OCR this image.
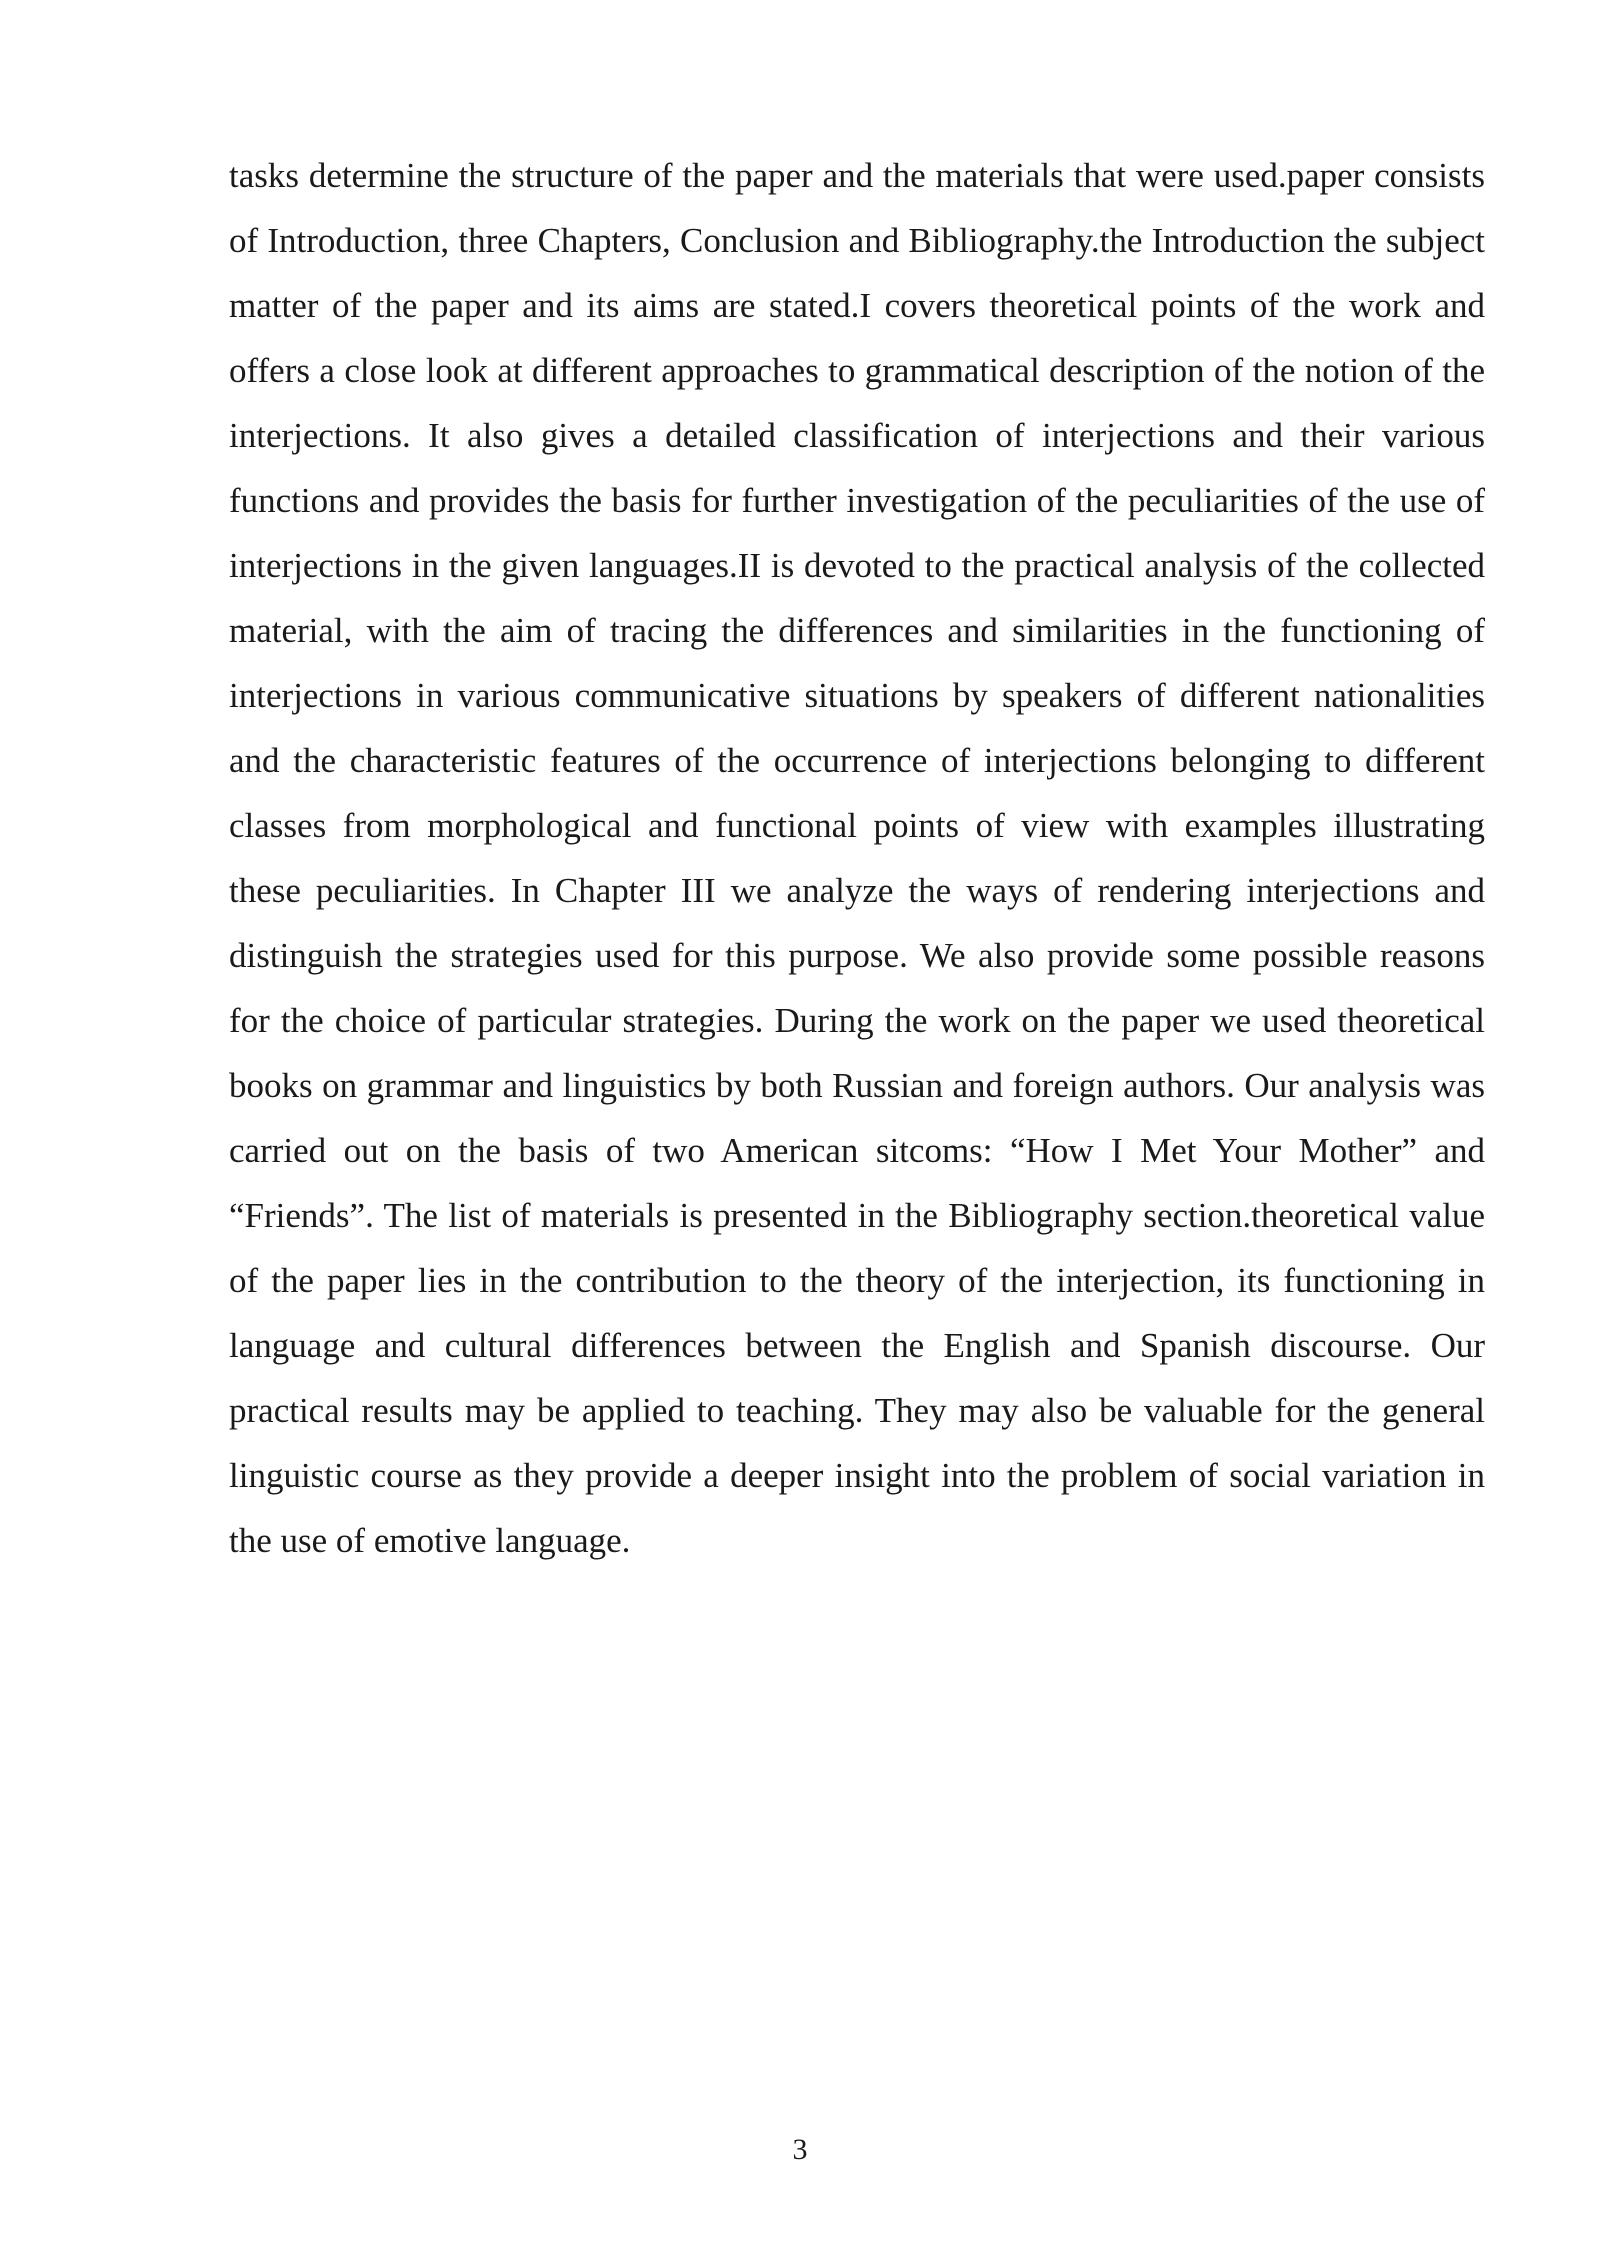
tasks determine the structure of the paper and the materials that were used.paper consists of Introduction, three Chapters, Conclusion and Bibliography.the Introduction the subject matter of the paper and its aims are stated.I covers theoretical points of the work and offers a close look at different approaches to grammatical description of the notion of the interjections. It also gives a detailed classification of interjections and their various functions and provides the basis for further investigation of the peculiarities of the use of interjections in the given languages.II is devoted to the practical analysis of the collected material, with the aim of tracing the differences and similarities in the functioning of interjections in various communicative situations by speakers of different nationalities and the characteristic features of the occurrence of interjections belonging to different classes from morphological and functional points of view with examples illustrating these peculiarities. In Chapter III we analyze the ways of rendering interjections and distinguish the strategies used for this purpose. We also provide some possible reasons for the choice of particular strategies. During the work on the paper we used theoretical books on grammar and linguistics by both Russian and foreign authors. Our analysis was carried out on the basis of two American sitcoms: “How I Met Your Mother” and “Friends”. The list of materials is presented in the Bibliography section.theoretical value of the paper lies in the contribution to the theory of the interjection, its functioning in language and cultural differences between the English and Spanish discourse. Our practical results may be applied to teaching. They may also be valuable for the general linguistic course as they provide a deeper insight into the problem of social variation in the use of emotive language.

3
